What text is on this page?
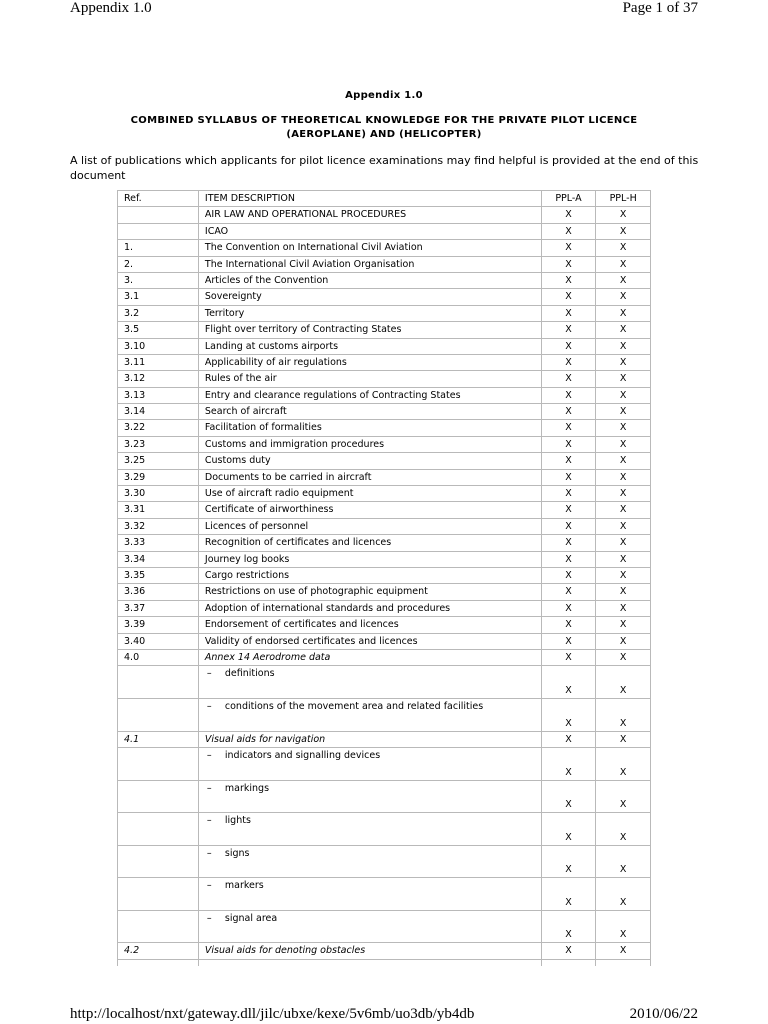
Appendix 1.0	Page 1 of 37
Appendix 1.0
COMBINED SYLLABUS OF THEORETICAL KNOWLEDGE FOR THE PRIVATE PILOT LICENCE
(AEROPLANE) AND (HELICOPTER)
A list of publications which applicants for pilot licence examinations may find helpful is provided at the end of this document
Ref.	ITEM DESCRIPTION	PPL-A	PPL-H
	AIR LAW AND OPERATIONAL PROCEDURES	X	X
	ICAO	X	X
1.	The Convention on International Civil Aviation	X	X
2.	The International Civil Aviation Organisation	X	X
3.	Articles of the Convention	X	X
3.1	Sovereignty	X	X
3.2	Territory	X	X
3.5	Flight over territory of Contracting States	X	X
3.10	Landing at customs airports	X	X
3.11	Applicability of air regulations	X	X
3.12	Rules of the air	X	X
3.13	Entry and clearance regulations of Contracting States	X	X
3.14	Search of aircraft	X	X
3.22	Facilitation of formalities	X	X
3.23	Customs and immigration procedures	X	X
3.25	Customs duty	X	X
3.29	Documents to be carried in aircraft	X	X
3.30	Use of aircraft radio equipment	X	X
3.31	Certificate of airworthiness	X	X
3.32	Licences of personnel	X	X
3.33	Recognition of certificates and licences	X	X
3.34	Journey log books	X	X
3.35	Cargo restrictions	X	X
3.36	Restrictions on use of photographic equipment	X	X
3.37	Adoption of international standards and procedures	X	X
3.39	Endorsement of certificates and licences	X	X
3.40	Validity of endorsed certificates and licences	X	X
4.0	Annex 14 Aerodrome data	X	X
	– definitions	X	X
	– conditions of the movement area and related facilities	X	X
4.1	Visual aids for navigation	X	X
	– indicators and signalling devices	X	X
	– markings	X	X
	– lights	X	X
	– signs	X	X
	– markers	X	X
	– signal area	X	X
4.2	Visual aids for denoting obstacles	X	X

http://localhost/nxt/gateway.dll/jilc/ubxe/kexe/5v6mb/uo3db/yb4db	2010/06/22
